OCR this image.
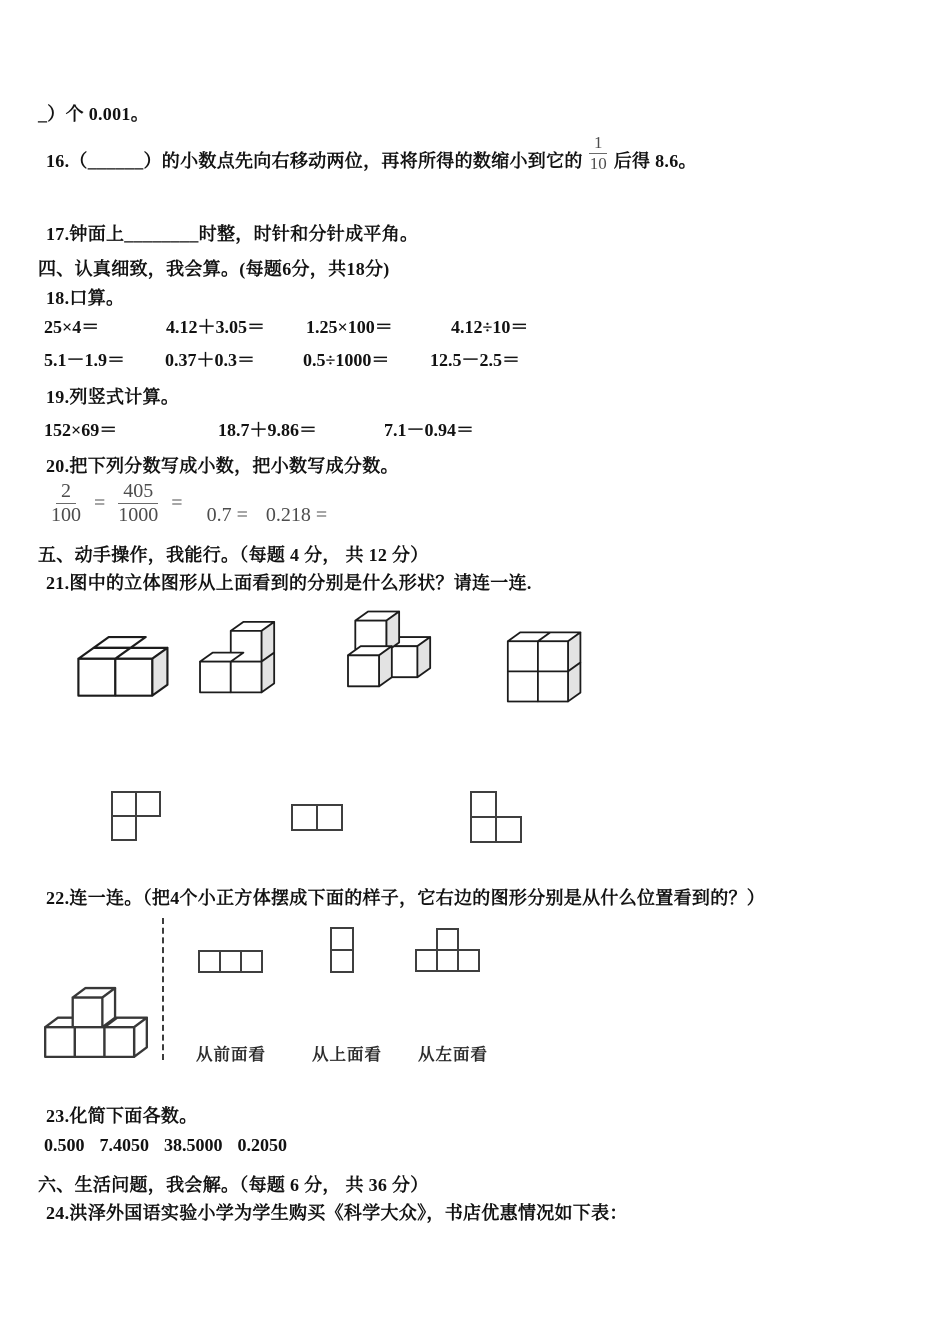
_）个 0.001。
16.（______）的小数点先向右移动两位，再将所得的数缩小到它的 $\frac{1}{10}$ 后得 8.6。
17.钟面上________时整，时针和分针成平角。
四、认真细致，我会算。(每题6分，共18分)
18.口算。
25×4＝	4.12＋3.05＝	1.25×100＝	4.12÷10＝
5.1－1.9＝	0.37＋0.3＝	0.5÷1000＝	12.5－2.5＝
19.列竖式计算。
152×69＝	18.7＋9.86＝	7.1－0.94＝
20.把下列分数写成小数，把小数写成分数。
$\frac{2}{100} = \frac{405}{1000}$ =
0.7 = 0.218 =
五、动手操作，我能行。（每题 4 分， 共 12 分）
21.图中的立体图形从上面看到的分别是什么形状？请连一连.
22.连一连。（把4个小正方体摆成下面的样子，它右边的图形分别是从什么位置看到的？）
从前面看	从上面看 从左面看
23.化简下面各数。
0.500 7.4050 38.5000 0.2050
六、生活问题，我会解。（每题 6 分， 共 36 分）
24.洪泽外国语实验小学为学生购买《科学大众》，书店优惠情况如下表：
